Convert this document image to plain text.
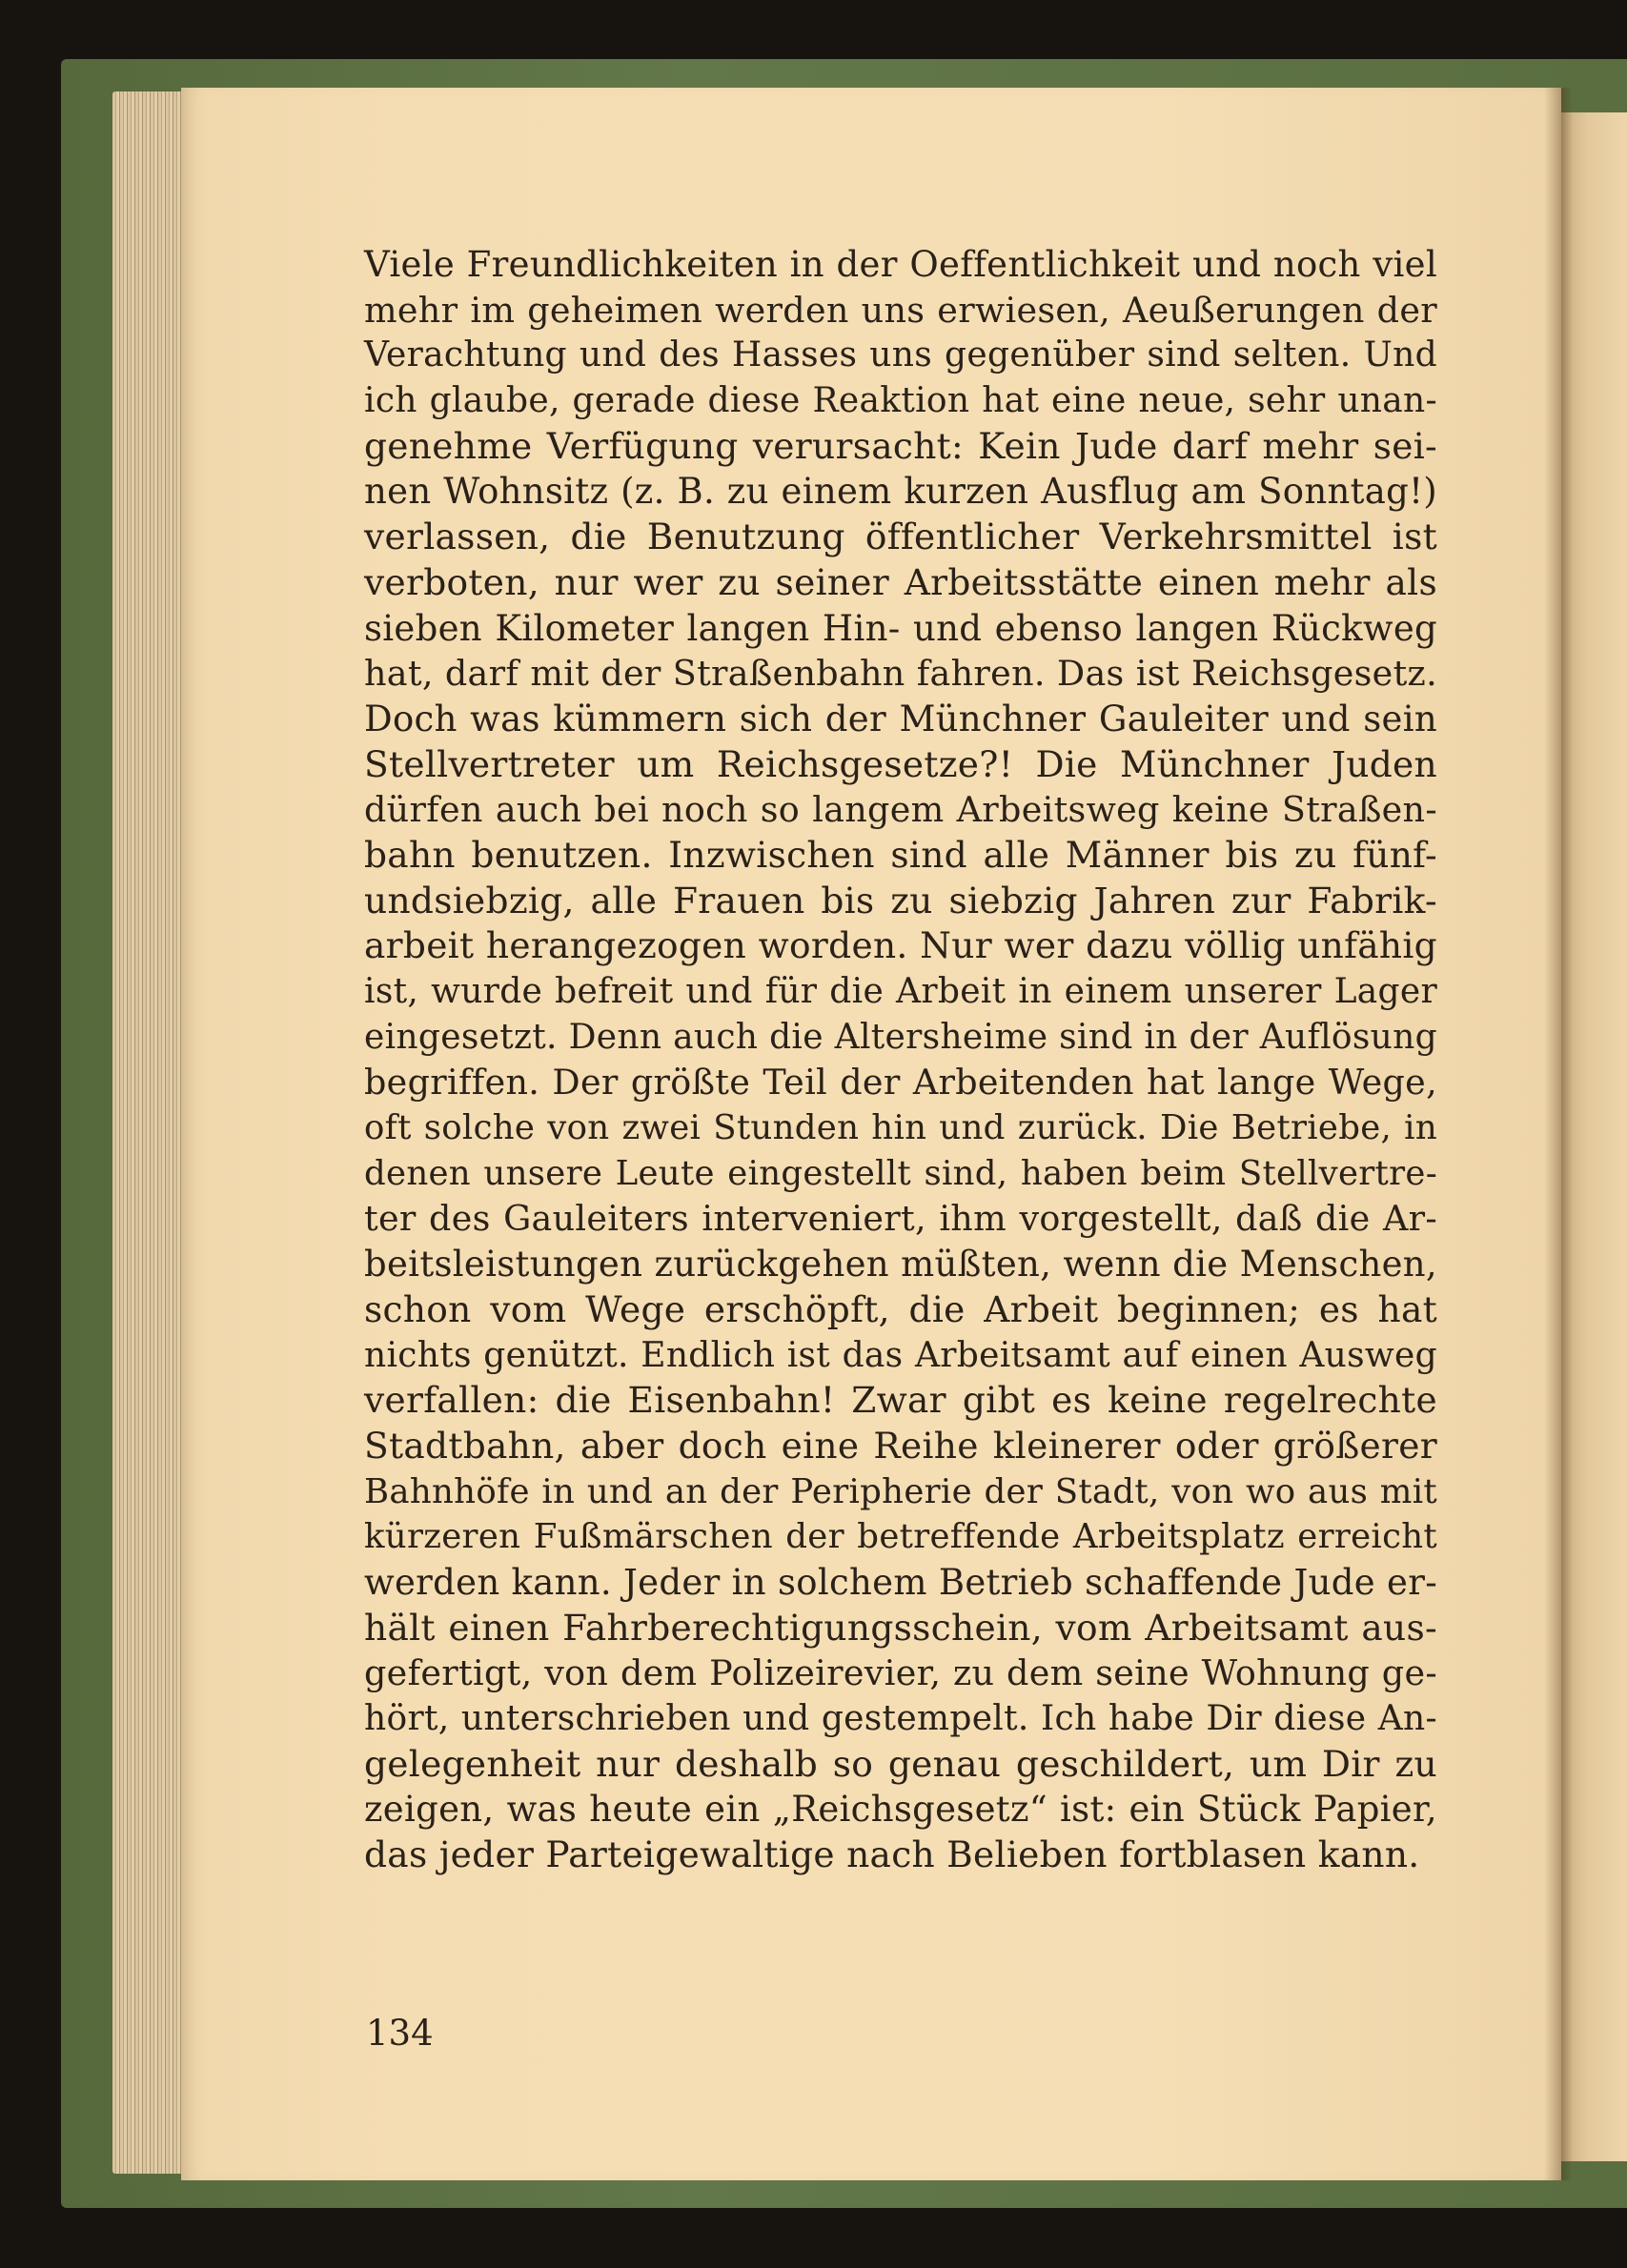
Viele Freundlichkeiten in der Oeffentlichkeit und noch viel
mehr im geheimen werden uns erwiesen, Aeußerungen der
Verachtung und des Hasses uns gegenüber sind selten. Und
ich glaube, gerade diese Reaktion hat eine neue, sehr unan-
genehme Verfügung verursacht: Kein Jude darf mehr sei-
nen Wohnsitz (z. B. zu einem kurzen Ausflug am Sonntag!)
verlassen, die Benutzung öffentlicher Verkehrsmittel ist
verboten, nur wer zu seiner Arbeitsstätte einen mehr als
sieben Kilometer langen Hin- und ebenso langen Rückweg
hat, darf mit der Straßenbahn fahren. Das ist Reichsgesetz.
Doch was kümmern sich der Münchner Gauleiter und sein
Stellvertreter um Reichsgesetze?! Die Münchner Juden
dürfen auch bei noch so langem Arbeitsweg keine Straßen-
bahn benutzen. Inzwischen sind alle Männer bis zu fünf-
undsiebzig, alle Frauen bis zu siebzig Jahren zur Fabrik-
arbeit herangezogen worden. Nur wer dazu völlig unfähig
ist, wurde befreit und für die Arbeit in einem unserer Lager
eingesetzt. Denn auch die Altersheime sind in der Auflösung
begriffen. Der größte Teil der Arbeitenden hat lange Wege,
oft solche von zwei Stunden hin und zurück. Die Betriebe, in
denen unsere Leute eingestellt sind, haben beim Stellvertre-
ter des Gauleiters interveniert, ihm vorgestellt, daß die Ar-
beitsleistungen zurückgehen müßten, wenn die Menschen,
schon vom Wege erschöpft, die Arbeit beginnen; es hat
nichts genützt. Endlich ist das Arbeitsamt auf einen Ausweg
verfallen: die Eisenbahn! Zwar gibt es keine regelrechte
Stadtbahn, aber doch eine Reihe kleinerer oder größerer
Bahnhöfe in und an der Peripherie der Stadt, von wo aus mit
kürzeren Fußmärschen der betreffende Arbeitsplatz erreicht
werden kann. Jeder in solchem Betrieb schaffende Jude er-
hält einen Fahrberechtigungsschein, vom Arbeitsamt aus-
gefertigt, von dem Polizeirevier, zu dem seine Wohnung ge-
hört, unterschrieben und gestempelt. Ich habe Dir diese An-
gelegenheit nur deshalb so genau geschildert, um Dir zu
zeigen, was heute ein „Reichsgesetz“ ist: ein Stück Papier,
das jeder Parteigewaltige nach Belieben fortblasen kann.
134
